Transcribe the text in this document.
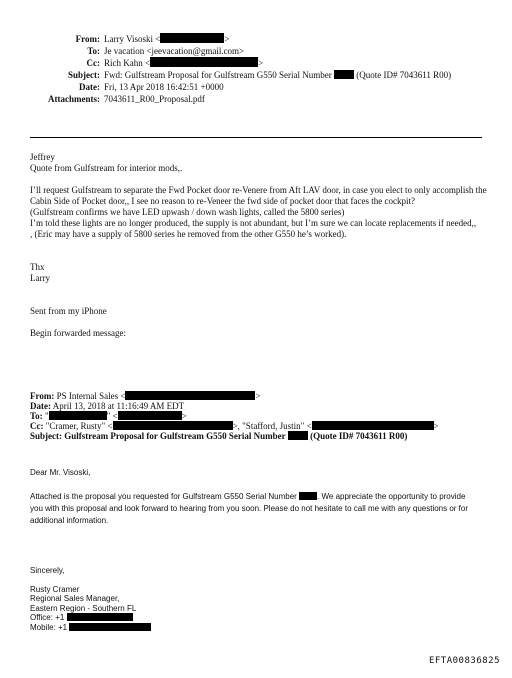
From: Larry Visoski <	>
To: Je vacation <jeevacation@gmail.com>
Cc: Rich Kahn <	>
Subject: Fwd: Gulfstream Proposal for Gulfstream G550 Serial Number	(Quote ID# 7043611 R00)
Date: Fri, 13 Apr 2018 16:42:51 +0000
Attachments: 7043611_R00_Proposal.pdf

Jeffrey

Quote from Gulfstream for interior mods,.

I’ll request Gulfstream to separate the Fwd Pocket door re-Venere from Aft LAV door, in case you elect to only accomplish the Cabin Side of Pocket door,, I see no reason to re-Veneer the fwd side of pocket door that faces the cockpit?

(Gulfstream confirms we have LED upwash / down wash lights, called the 5800 series)

I’m told these lights are no longer produced, the supply is not abundant, but I’m sure we can locate replacements if needed,,

, (Eric may have a supply of 5800 series he removed from the other G550 he’s worked).

Thx

Larry

Sent from my iPhone

Begin forwarded message:

From: PS Internal Sales <	>
Date: April 13, 2018 at 11:16:49 AM EDT
To: "	" <	>
Cc: "Cramer, Rusty" <	>, "Stafford, Justin" <	>
Subject: Gulfstream Proposal for Gulfstream G550 Serial Number	(Quote ID# 7043611 R00)

Dear Mr. Visoski,

Attached is the proposal you requested for Gulfstream G550 Serial Number	. We appreciate the opportunity to provide you with this proposal and look forward to hearing from you soon. Please do not hesitate to call me with any questions or for additional information.

Sincerely,

Rusty Cramer

Regional Sales Manager,

Eastern Region - Southern FL

Office: +1

Mobile: +1

EFTA00836825
